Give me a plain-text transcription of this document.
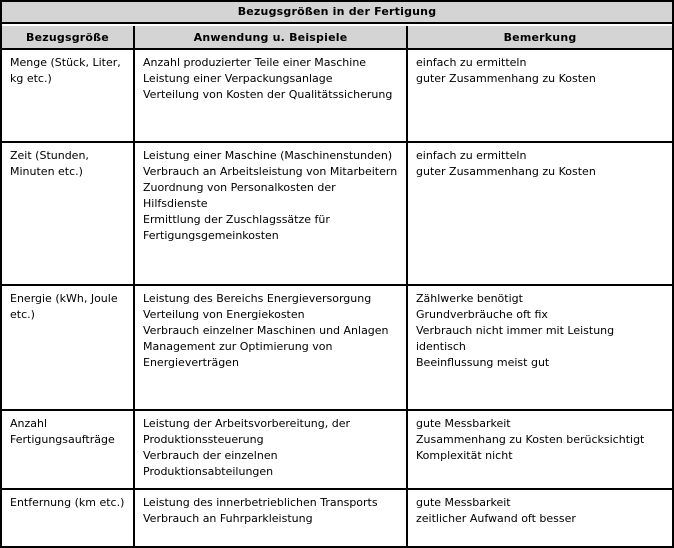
Bezugsgrößen in der Fertigung
Bezugsgröße	Anwendung u. Beispiele	Bemerkung
Menge (Stück, Liter, kg etc.)
Anzahl produzierter Teile einer Maschine
Leistung einer Verpackungsanlage
Verteilung von Kosten der Qualitätssicherung
einfach zu ermitteln
guter Zusammenhang zu Kosten
Zeit (Stunden, Minuten etc.)
Leistung einer Maschine (Maschinenstunden)
Verbrauch an Arbeitsleistung von Mitarbeitern
Zuordnung von Personalkosten der Hilfsdienste
Ermittlung der Zuschlagssätze für Fertigungsgemeinkosten
einfach zu ermitteln
guter Zusammenhang zu Kosten
Energie (kWh, Joule etc.)
Leistung des Bereichs Energieversorgung
Verteilung von Energiekosten
Verbrauch einzelner Maschinen und Anlagen
Management zur Optimierung von Energieverträgen
Zählwerke benötigt
Grundverbräuche oft fix
Verbrauch nicht immer mit Leistung identisch
Beeinflussung meist gut
Anzahl Fertigungsaufträge
Leistung der Arbeitsvorbereitung, der Produktionssteuerung
Verbrauch der einzelnen Produktionsabteilungen
gute Messbarkeit
Zusammenhang zu Kosten berücksichtigt Komplexität nicht
Entfernung (km etc.) Leistung des innerbetrieblichen Transports
Verbrauch an Fuhrparkleistung
gute Messbarkeit
zeitlicher Aufwand oft besser
